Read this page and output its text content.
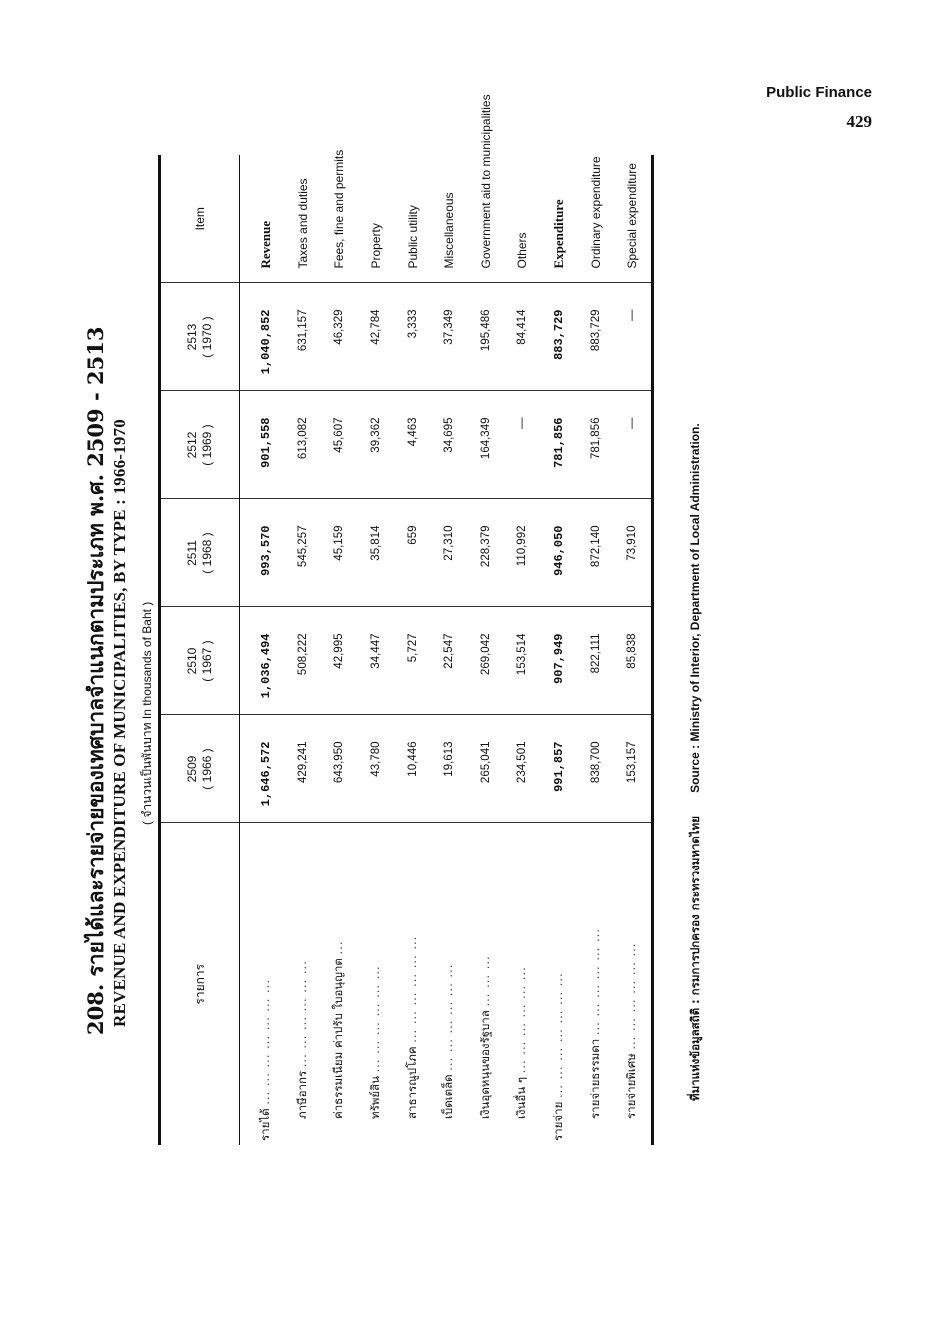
Public Finance
429
208. รายได้และรายจ่ายของเทศบาลจำแนกตามประเภท พ.ศ. 2509 - 2513 REVENUE AND EXPENDITURE OF MUNICIPALITIES, BY TYPE : 1966-1970 ( จำนวนเป็นพันบาท In thousands of Baht )
รายการ	2509 ( 1966 )	2510 ( 1967 )	2511 ( 1968 )	2512 ( 1969 )	2513 ( 1970 )	Item
รายได้ ... ... ... ... ... ... ...	1,646,572	1,036,494	993,570	901,558	1,040,852	Revenue
ภาษีอากร ... ... ... ... ... ...	429,241	508,222	545,257	613,082	631,157	Taxes and duties
ค่าธรรมเนียม ค่าปรับ ใบอนุญาต ...	643,950	42,995	45,159	45,607	46,329	Fees, fine and permits
ทรัพย์สิน ... ... ... ... ... ...	43,780	34,447	35,814	39,362	42,784	Property
สาธารณูปโภค ... ... ... ... ... ...	10,446	5,727	659	4,463	3,333	Public utility
เบ็ดเตล็ด ... ... ... ... ... ...	19,613	22,547	27,310	34,695	37,349	Miscellaneous
เงินอุดหนุนของรัฐบาล ... ... ...	265,041	269,042	228,379	164,349	195,486	Government aid to municipalities
เงินอื่น ๆ ... ... ... ... ... ...	234,501	153,514	110,992	—	84,414	Others
รายจ่าย ... ... ... ... ... ... ...	991,857	907,949	946,050	781,856	883,729	Expenditure
รายจ่ายธรรมดา ... ... ... ... ... ...	838,700	822,111	872,140	781,856	883,729	Ordinary expenditure
รายจ่ายพิเศษ ... ... ... ... ... ...	153,157	85,838	73,910	—	—	Special expenditure
ที่มาแห่งข้อมูลสถิติ : กรมการปกครอง กระทรวงมหาดไทย Source : Ministry of Interior, Department of Local Administration.
